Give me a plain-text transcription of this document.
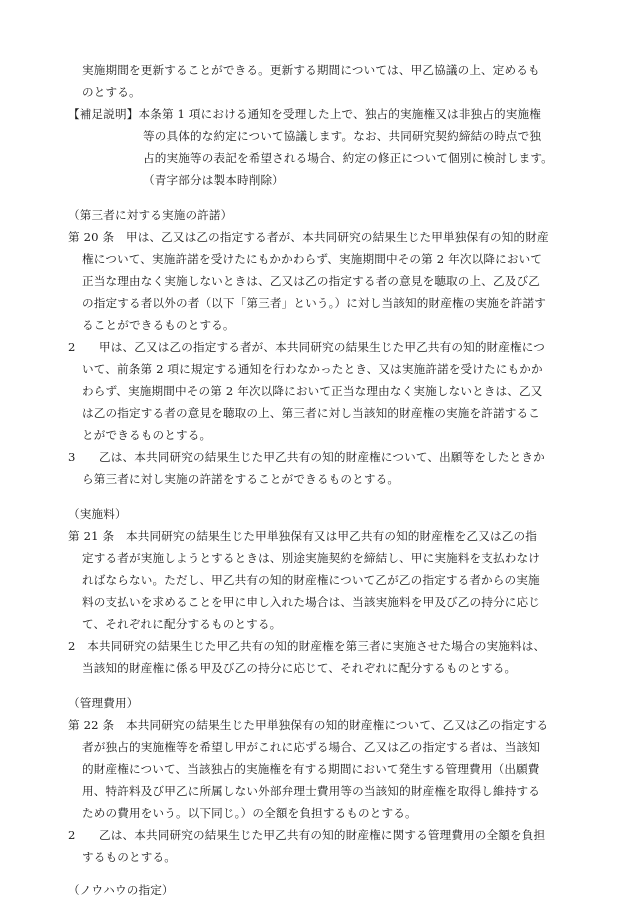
実施期間を更新することができる。更新する期間については、甲乙協議の上、定めるも
のとする。
【補足説明】本条第 1 項における通知を受理した上で、独占的実施権又は非独占的実施権
等の具体的な約定について協議します。なお、共同研究契約締結の時点で独
占的実施等の表記を希望される場合、約定の修正について個別に検討します。
（青字部分は製本時削除）
（第三者に対する実施の許諾）
第 20 条　甲は、乙又は乙の指定する者が、本共同研究の結果生じた甲単独保有の知的財産
権について、実施許諾を受けたにもかかわらず、実施期間中その第 2 年次以降において
正当な理由なく実施しないときは、乙又は乙の指定する者の意見を聴取の上、乙及び乙
の指定する者以外の者（以下「第三者」という。）に対し当該知的財産権の実施を許諾す
ることができるものとする。
2　　甲は、乙又は乙の指定する者が、本共同研究の結果生じた甲乙共有の知的財産権につ
いて、前条第 2 項に規定する通知を行わなかったとき、又は実施許諾を受けたにもかか
わらず、実施期間中その第 2 年次以降において正当な理由なく実施しないときは、乙又
は乙の指定する者の意見を聴取の上、第三者に対し当該知的財産権の実施を許諾するこ
とができるものとする。
3　　乙は、本共同研究の結果生じた甲乙共有の知的財産権について、出願等をしたときか
ら第三者に対し実施の許諾をすることができるものとする。
（実施料）
第 21 条　本共同研究の結果生じた甲単独保有又は甲乙共有の知的財産権を乙又は乙の指
定する者が実施しようとするときは、別途実施契約を締結し、甲に実施料を支払わなけ
ればならない。ただし、甲乙共有の知的財産権について乙が乙の指定する者からの実施
料の支払いを求めることを甲に申し入れた場合は、当該実施料を甲及び乙の持分に応じ
て、それぞれに配分するものとする。
2　本共同研究の結果生じた甲乙共有の知的財産権を第三者に実施させた場合の実施料は、
当該知的財産権に係る甲及び乙の持分に応じて、それぞれに配分するものとする。
（管理費用）
第 22 条　本共同研究の結果生じた甲単独保有の知的財産権について、乙又は乙の指定する
者が独占的実施権等を希望し甲がこれに応ずる場合、乙又は乙の指定する者は、当該知
的財産権について、当該独占的実施権を有する期間において発生する管理費用（出願費
用、特許料及び甲乙に所属しない外部弁理士費用等の当該知的財産権を取得し維持する
ための費用をいう。以下同じ。）の全額を負担するものとする。
2　　乙は、本共同研究の結果生じた甲乙共有の知的財産権に関する管理費用の全額を負担
するものとする。
（ノウハウの指定）
